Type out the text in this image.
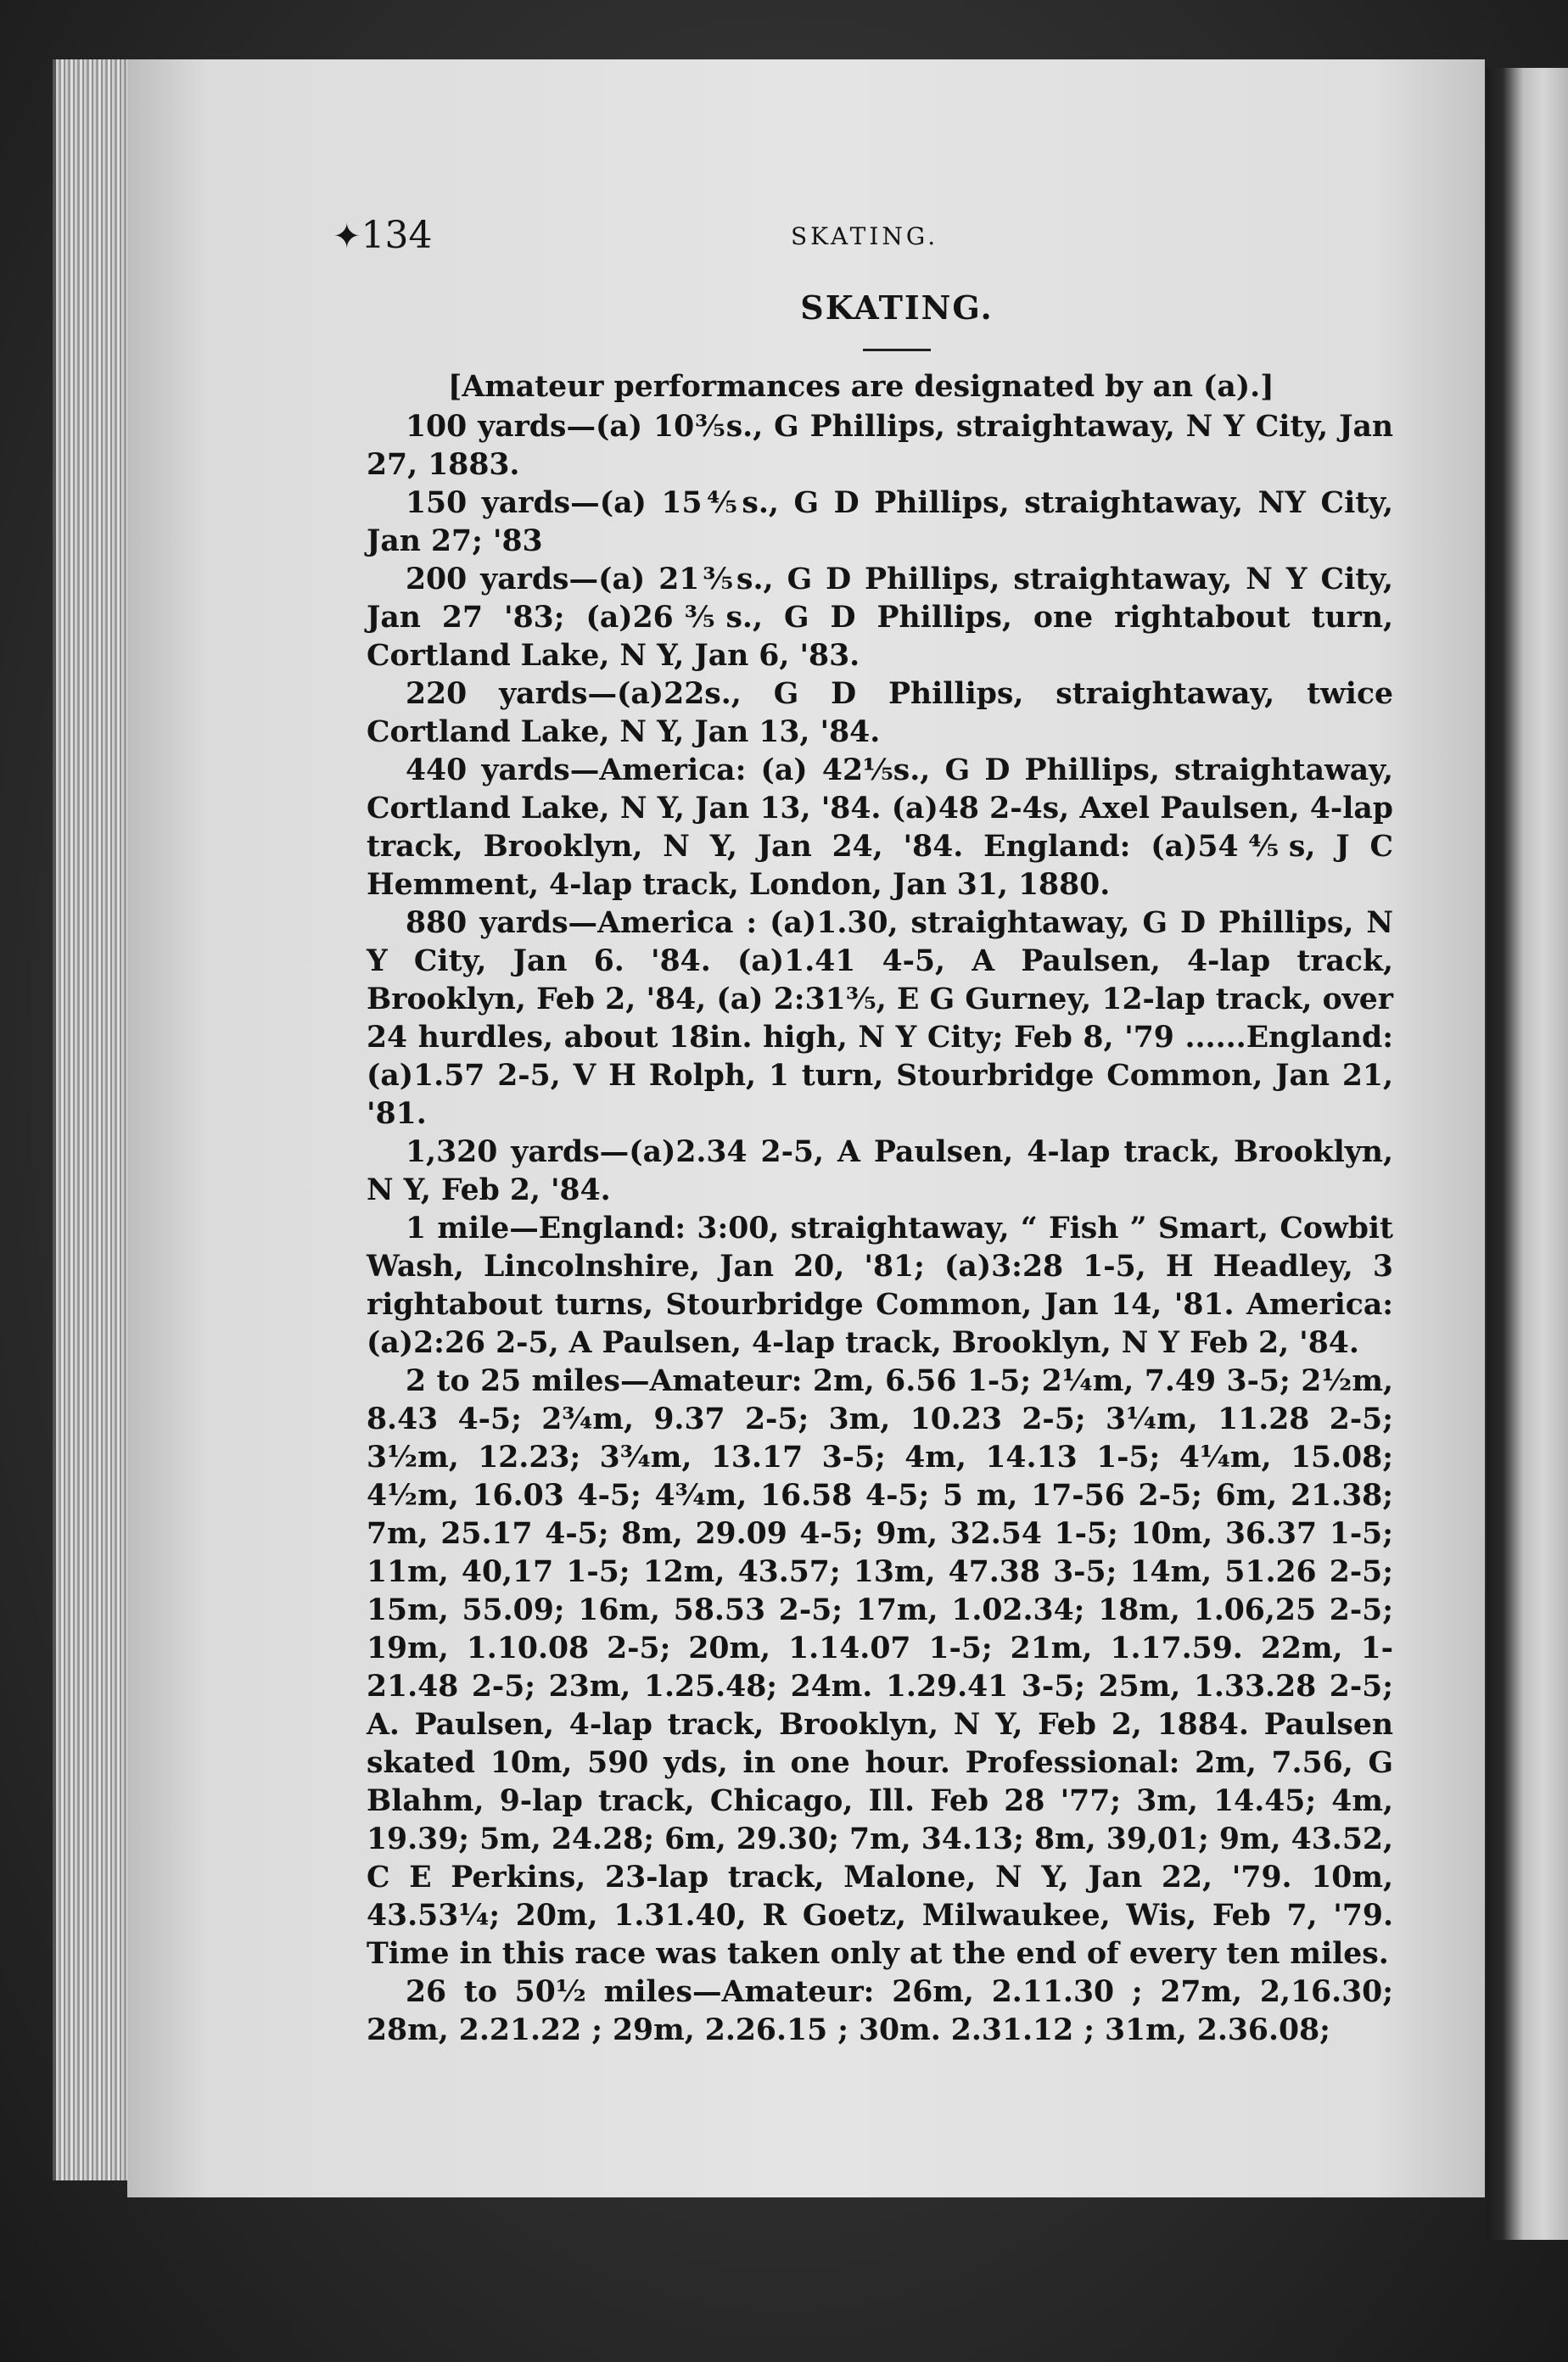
✦134	SKATING.
SKATING.

[Amateur performances are designated by an (a).]

100 yards—(a) 10⅗s., G Phillips, straightaway, N Y City, Jan 27, 1883.

150 yards—(a) 15⅘s., G D Phillips, straightaway, NY City, Jan 27; '83

200 yards—(a) 21⅗s., G D Phillips, straightaway, N Y City, Jan 27 '83; (a)26⅗s., G D Phillips, one rightabout turn, Cortland Lake, N Y, Jan 6, '83.

220 yards—(a)22s., G D Phillips, straightaway, twice Cortland Lake, N Y, Jan 13, '84.

440 yards—America: (a) 42⅕s., G D Phillips, straightaway, Cortland Lake, N Y, Jan 13, '84. (a)48 2-4s, Axel Paulsen, 4-lap track, Brooklyn, N Y, Jan 24, '84. England: (a)54⅘s, J C Hemment, 4-lap track, London, Jan 31, 1880.

880 yards—America : (a)1.30, straightaway, G D Phillips, N Y City, Jan 6. '84. (a)1.41 4-5, A Paulsen, 4-lap track, Brooklyn, Feb 2, '84, (a) 2:31⅗, E G Gurney, 12-lap track, over 24 hurdles, about 18in. high, N Y City; Feb 8, '79 ......England: (a)1.57 2-5, V H Rolph, 1 turn, Stourbridge Common, Jan 21, '81.

1,320 yards—(a)2.34 2-5, A Paulsen, 4-lap track, Brooklyn, N Y, Feb 2, '84.

1 mile—England: 3:00, straightaway, “ Fish ” Smart, Cowbit Wash, Lincolnshire, Jan 20, '81; (a)3:28 1-5, H Headley, 3 rightabout turns, Stourbridge Common, Jan 14, '81. America: (a)2:26 2-5, A Paulsen, 4-lap track, Brooklyn, N Y Feb 2, '84.

2 to 25 miles—Amateur: 2m, 6.56 1-5; 2¼m, 7.49 3-5; 2½m, 8.43 4-5; 2¾m, 9.37 2-5; 3m, 10.23 2-5; 3¼m, 11.28 2-5; 3½m, 12.23; 3¾m, 13.17 3-5; 4m, 14.13 1-5; 4¼m, 15.08; 4½m, 16.03 4-5; 4¾m, 16.58 4-5; 5 m, 17-56 2-5; 6m, 21.38; 7m, 25.17 4-5; 8m, 29.09 4-5; 9m, 32.54 1-5; 10m, 36.37 1-5; 11m, 40,17 1-5; 12m, 43.57; 13m, 47.38 3-5; 14m, 51.26 2-5; 15m, 55.09; 16m, 58.53 2-5; 17m, 1.02.34; 18m, 1.06,25 2-5; 19m, 1.10.08 2-5; 20m, 1.14.07 1-5; 21m, 1.17.59. 22m, 1-21.48 2-5; 23m, 1.25.48; 24m. 1.29.41 3-5; 25m, 1.33.28 2-5; A. Paulsen, 4-lap track, Brooklyn, N Y, Feb 2, 1884. Paulsen skated 10m, 590 yds, in one hour. Professional: 2m, 7.56, G Blahm, 9-lap track, Chicago, Ill. Feb 28 '77; 3m, 14.45; 4m, 19.39; 5m, 24.28; 6m, 29.30; 7m, 34.13; 8m, 39,01; 9m, 43.52, C E Perkins, 23-lap track, Malone, N Y, Jan 22, '79. 10m, 43.53¼; 20m, 1.31.40, R Goetz, Milwaukee, Wis, Feb 7, '79. Time in this race was taken only at the end of every ten miles.

26 to 50½ miles—Amateur: 26m, 2.11.30 ; 27m, 2,16.30; 28m, 2.21.22 ; 29m, 2.26.15 ; 30m. 2.31.12 ; 31m, 2.36.08;
